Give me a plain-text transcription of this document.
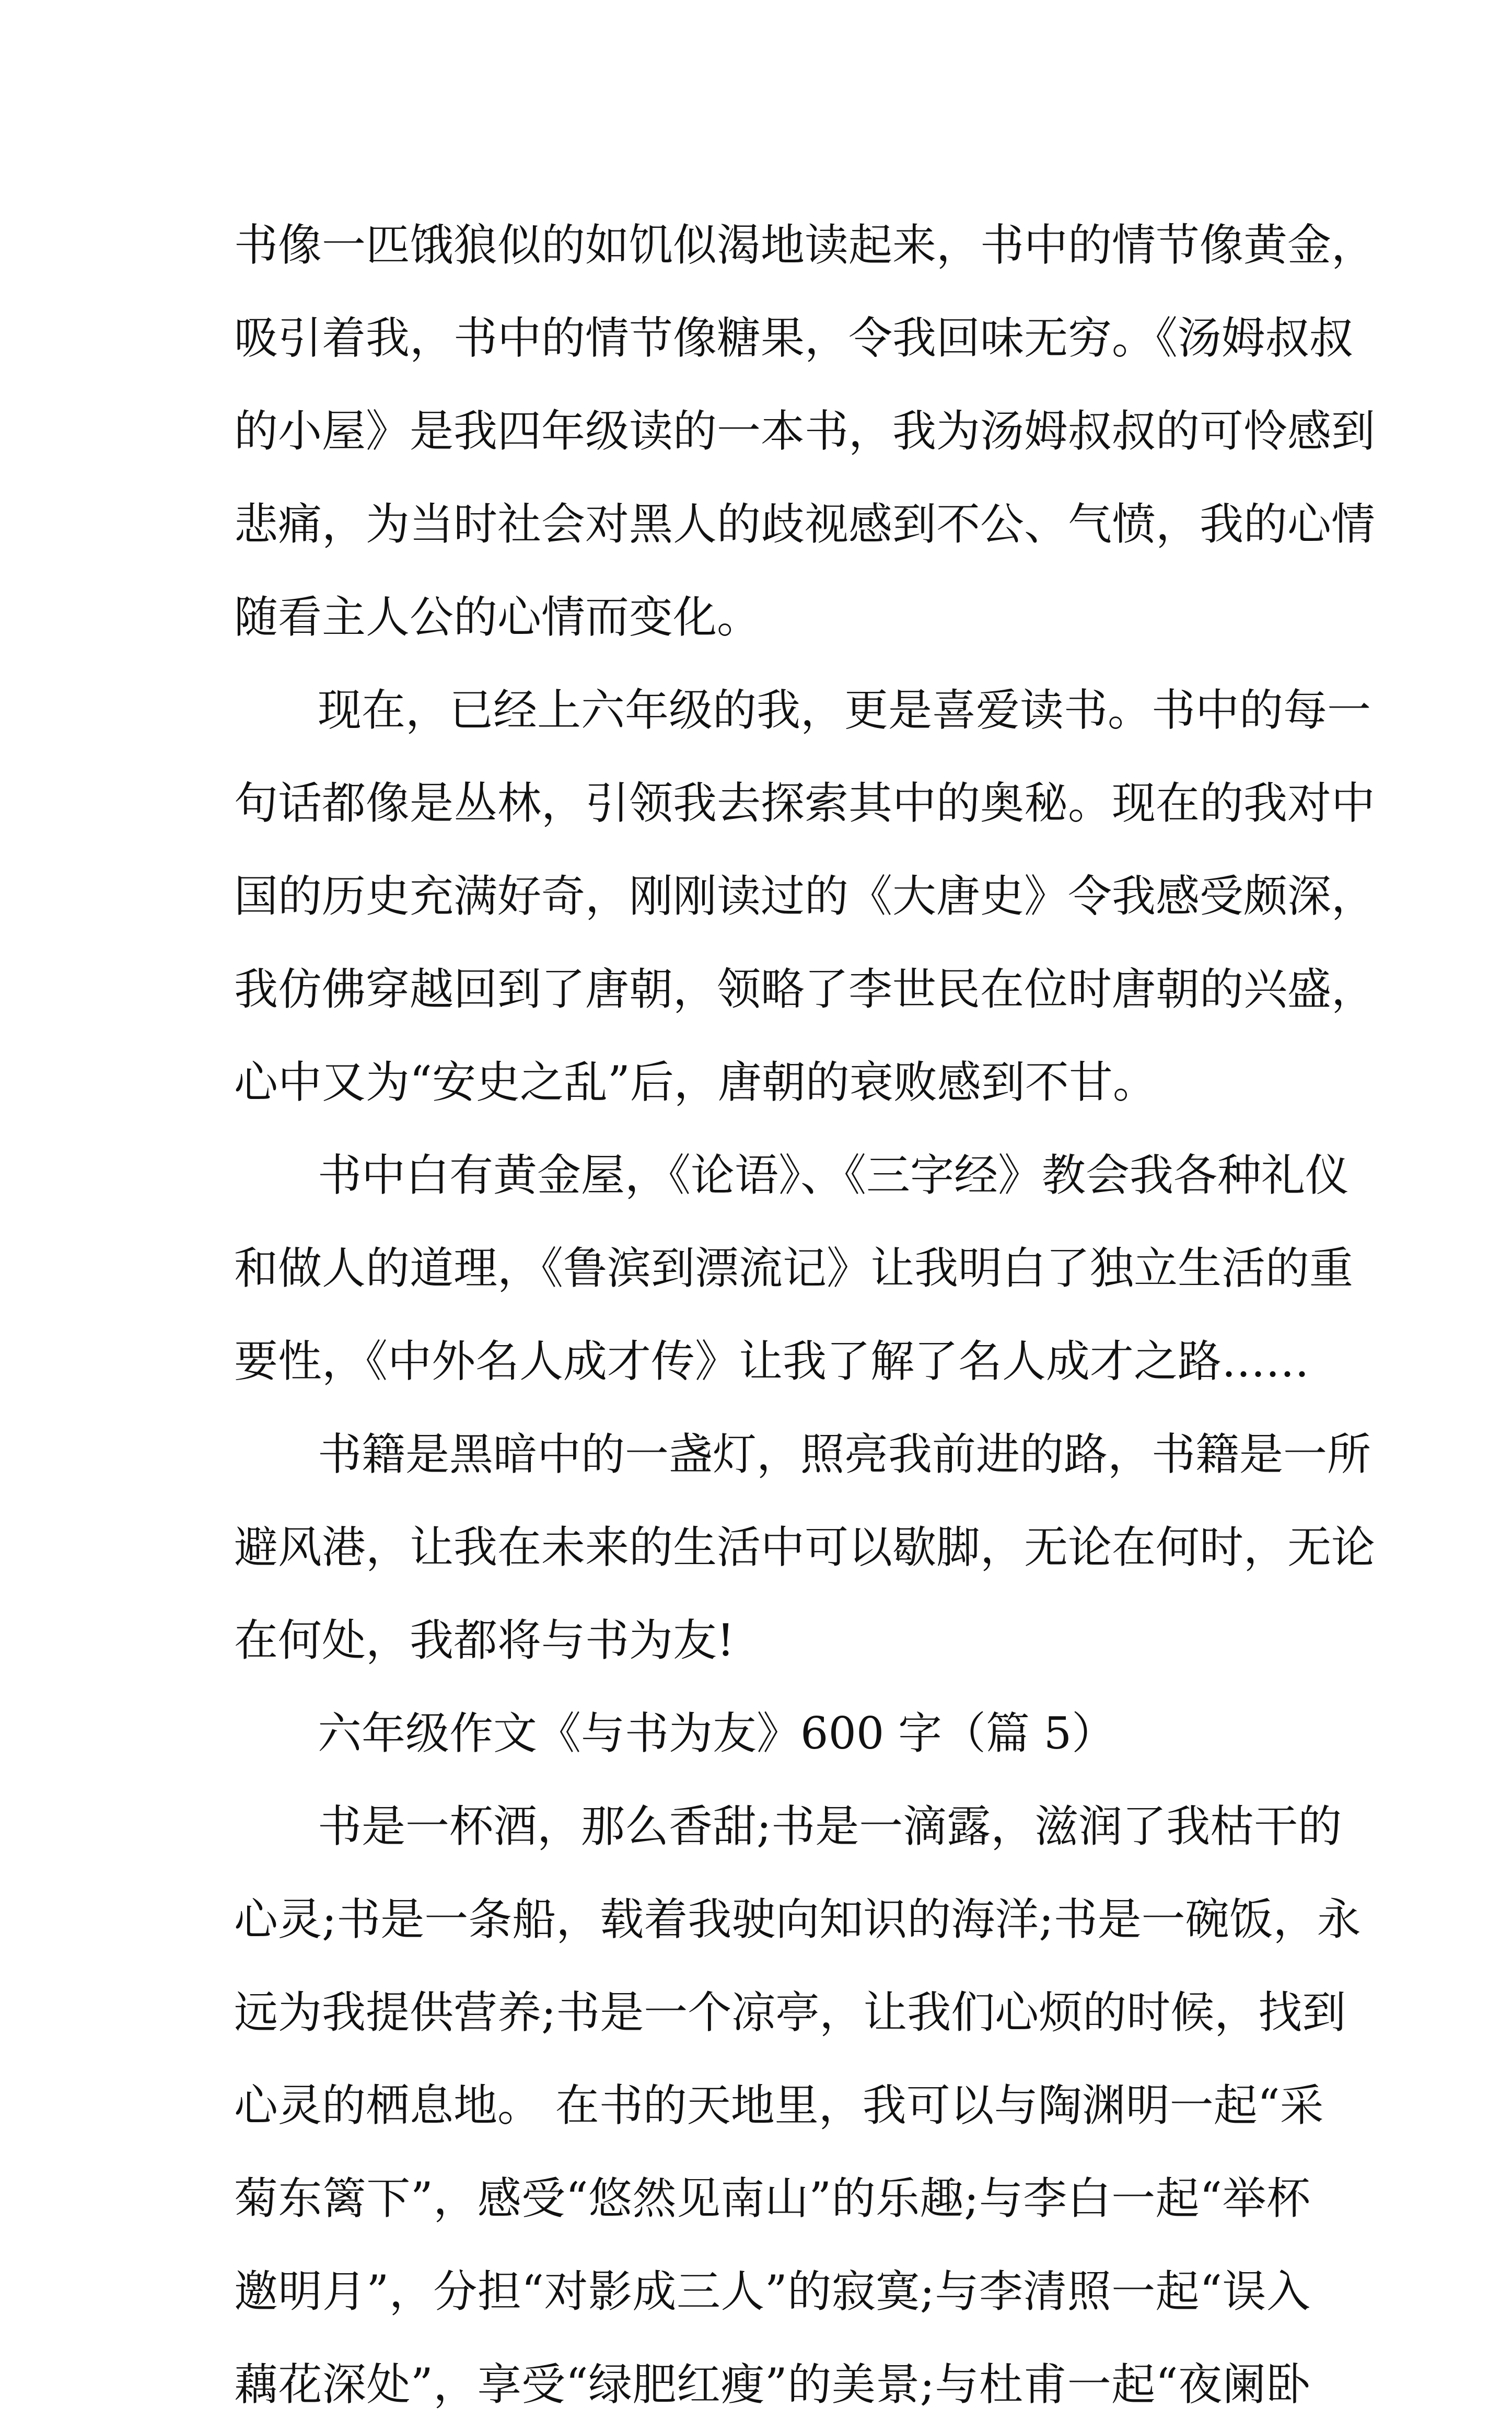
书像一匹饿狼似的如饥似渴地读起来，书中的情节像黄金，
吸引着我，书中的情节像糖果，令我回味无穷。《汤姆叔叔
的小屋》是我四年级读的一本书，我为汤姆叔叔的可怜感到
悲痛，为当时社会对黑人的歧视感到不公、气愤，我的心情
随看主人公的心情而变化。
现在，已经上六年级的我，更是喜爱读书。书中的每一
句话都像是丛林，引领我去探索其中的奥秘。现在的我对中
国的历史充满好奇，刚刚读过的《大唐史》令我感受颇深，
我仿佛穿越回到了唐朝，领略了李世民在位时唐朝的兴盛，
心中又为“安史之乱”后，唐朝的衰败感到不甘。
书中白有黄金屋，《论语》、《三字经》教会我各种礼仪
和做人的道理，《鲁滨到漂流记》让我明白了独立生活的重
要性，《中外名人成才传》让我了解了名人成才之路……
书籍是黑暗中的一盏灯，照亮我前进的路，书籍是一所
避风港，让我在未来的生活中可以歇脚，无论在何时，无论
在何处，我都将与书为友!
六年级作文《与书为友》600 字（篇 5）
书是一杯酒，那么香甜;书是一滴露，滋润了我枯干的
心灵;书是一条船，载着我驶向知识的海洋;书是一碗饭，永
远为我提供营养;书是一个凉亭，让我们心烦的时候，找到
心灵的栖息地。 在书的天地里，我可以与陶渊明一起“采
菊东篱下”，感受“悠然见南山”的乐趣;与李白一起“举杯
邀明月”，分担“对影成三人”的寂寞;与李清照一起“误入
藕花深处”，享受“绿肥红瘦”的美景;与杜甫一起“夜阑卧
